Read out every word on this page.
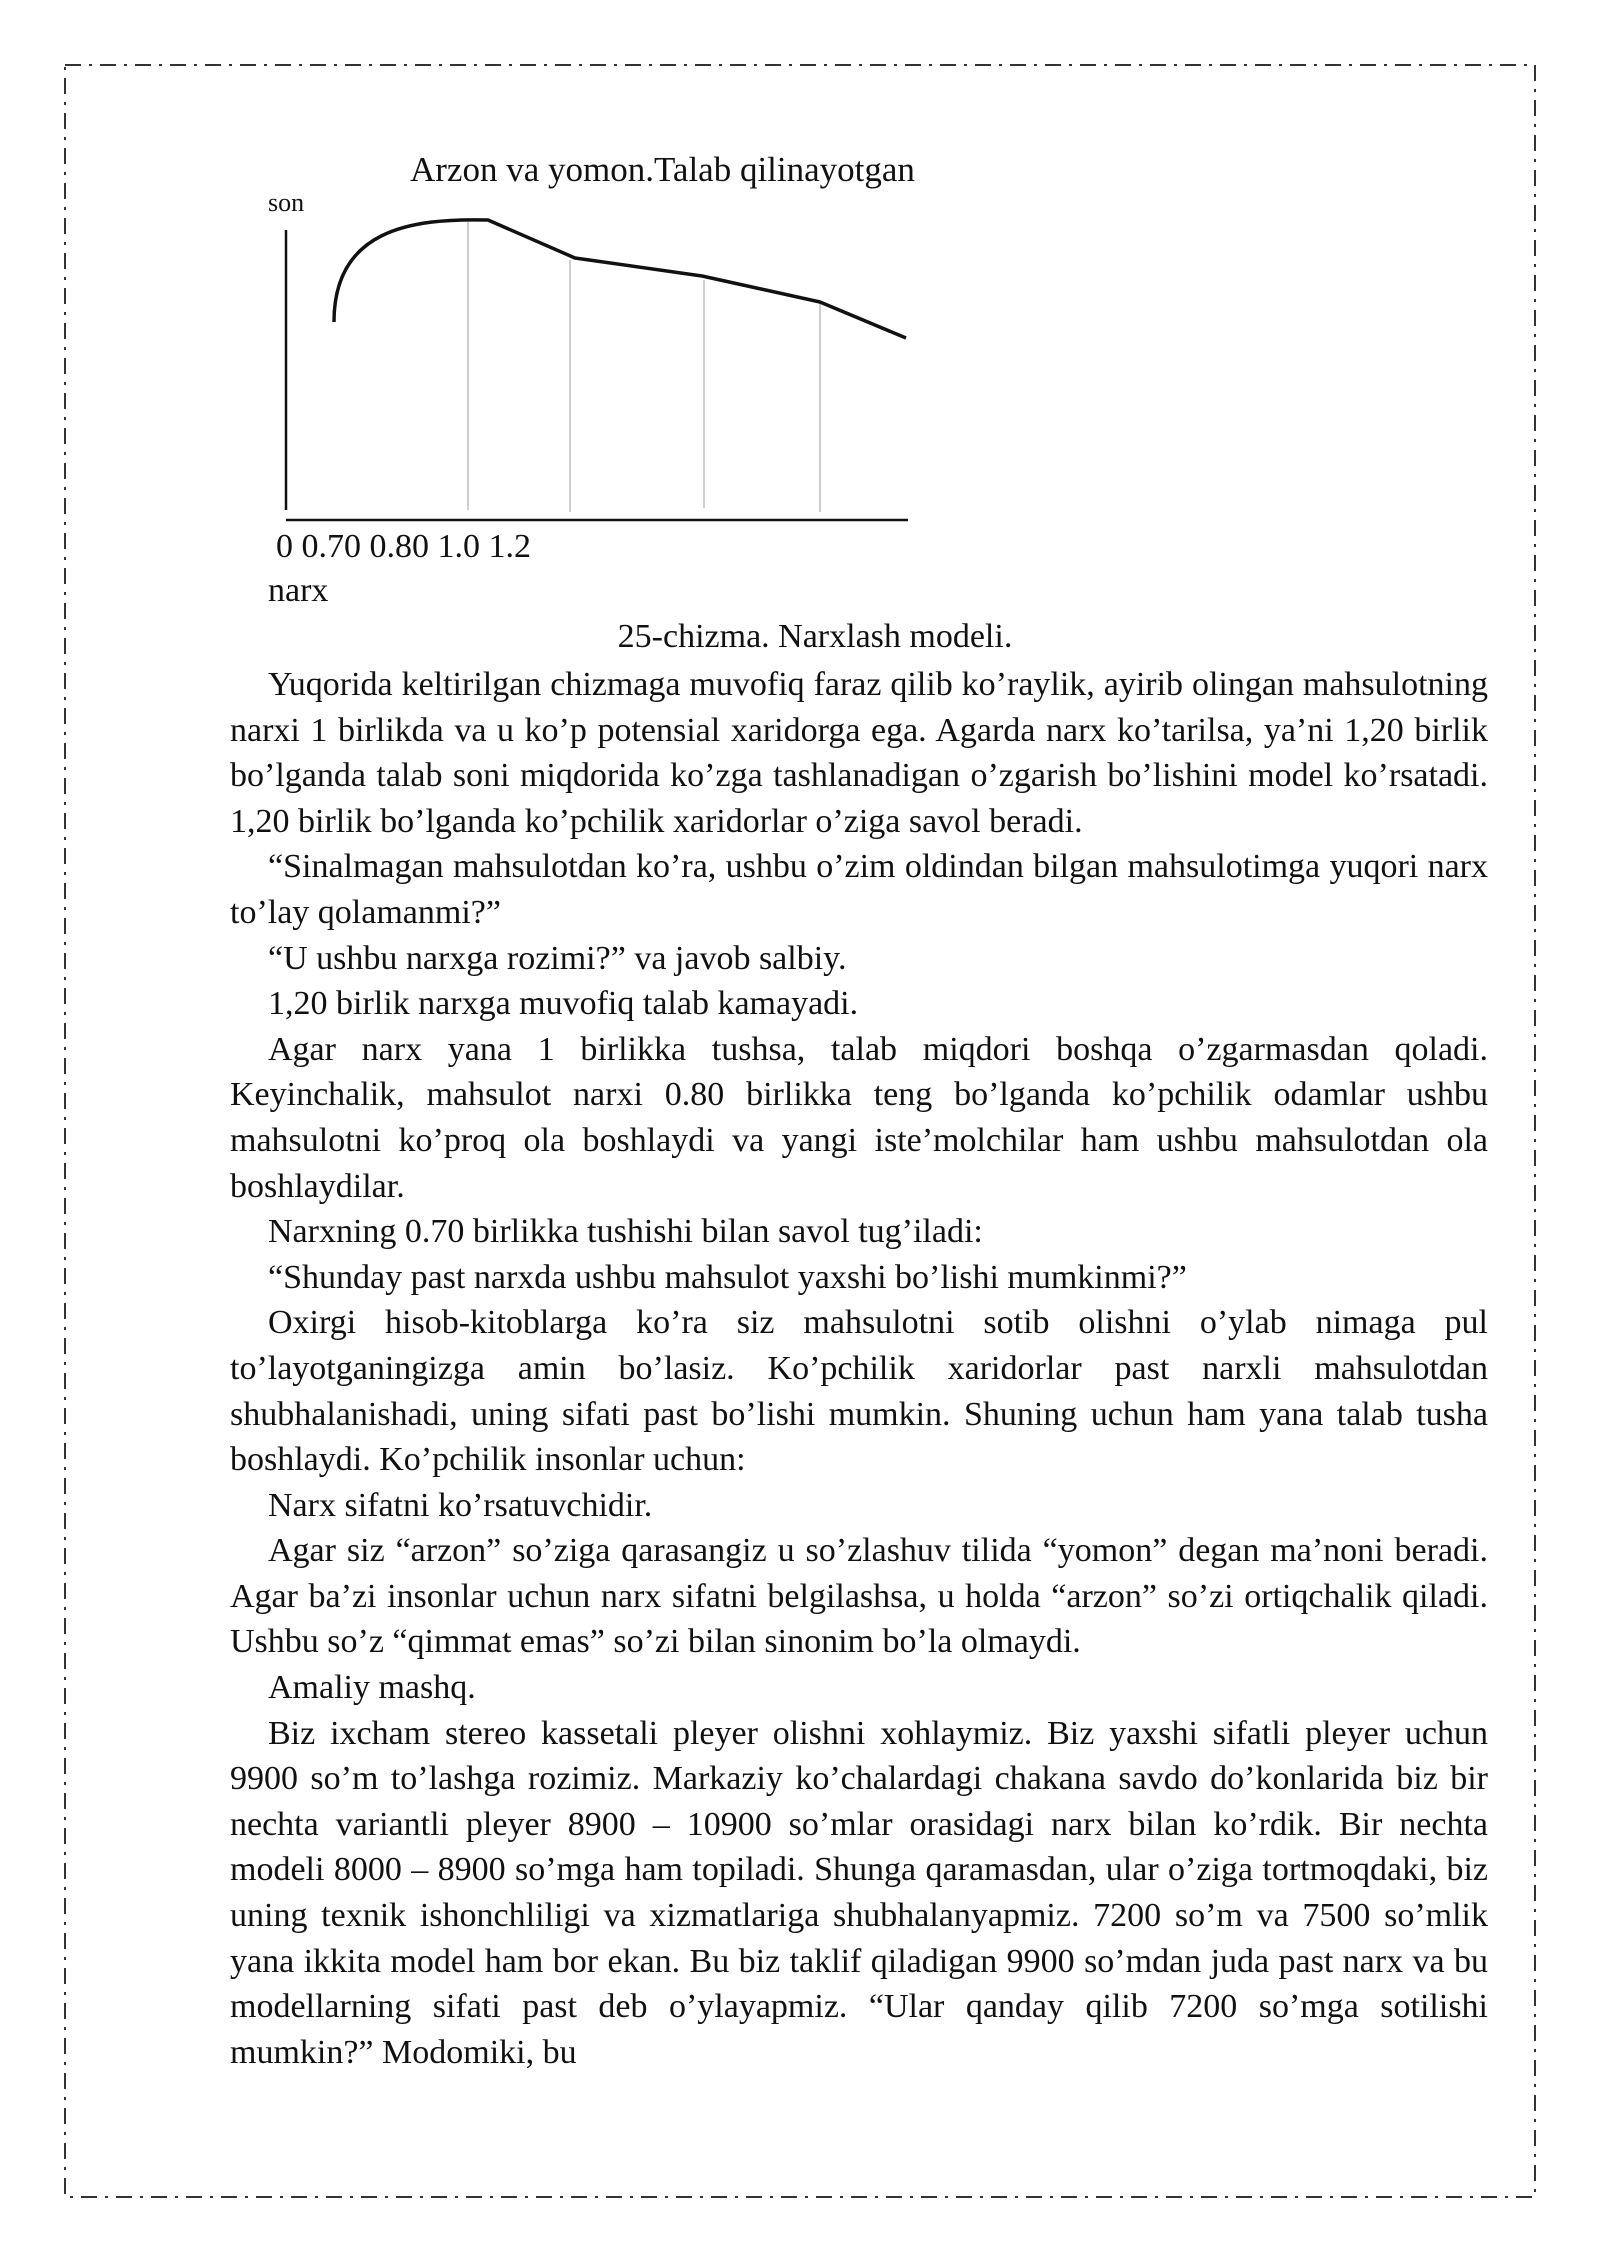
Arzon va yomon.Talab qilinayotgan
son
0 0.70 0.80 1.0 1.2
narx
25-chizma. Narxlash modeli.

Yuqorida keltirilgan chizmaga muvofiq faraz qilib ko’raylik, ayirib olingan mahsulotning narxi 1 birlikda va u ko’p potensial xaridorga ega. Agarda narx ko’tarilsa, ya’ni 1,20 birlik bo’lganda talab soni miqdorida ko’zga tashlanadigan o’zgarish bo’lishini model ko’rsatadi. 1,20 birlik bo’lganda ko’pchilik xaridorlar o’ziga savol beradi.

“Sinalmagan mahsulotdan ko’ra, ushbu o’zim oldindan bilgan mahsulotimga yuqori narx to’lay qolamanmi?”

“U ushbu narxga rozimi?” va javob salbiy.

1,20 birlik narxga muvofiq talab kamayadi.

Agar narx yana 1 birlikka tushsa, talab miqdori boshqa o’zgarmasdan qoladi. Keyinchalik, mahsulot narxi 0.80 birlikka teng bo’lganda ko’pchilik odamlar ushbu mahsulotni ko’proq ola boshlaydi va yangi iste’molchilar ham ushbu mahsulotdan ola boshlaydilar.

Narxning 0.70 birlikka tushishi bilan savol tug’iladi:

“Shunday past narxda ushbu mahsulot yaxshi bo’lishi mumkinmi?”

Oxirgi hisob-kitoblarga ko’ra siz mahsulotni sotib olishni o’ylab nimaga pul to’layotganingizga amin bo’lasiz. Ko’pchilik xaridorlar past narxli mahsulotdan shubhalanishadi, uning sifati past bo’lishi mumkin. Shuning uchun ham yana talab tusha boshlaydi. Ko’pchilik insonlar uchun:

Narx sifatni ko’rsatuvchidir.

Agar siz “arzon” so’ziga qarasangiz u so’zlashuv tilida “yomon” degan ma’noni beradi. Agar ba’zi insonlar uchun narx sifatni belgilashsa, u holda “arzon” so’zi ortiqchalik qiladi. Ushbu so’z “qimmat emas” so’zi bilan sinonim bo’la olmaydi.

Amaliy mashq.

Biz ixcham stereo kassetali pleyer olishni xohlaymiz. Biz yaxshi sifatli pleyer uchun 9900 so’m to’lashga rozimiz. Markaziy ko’chalardagi chakana savdo do’konlarida biz bir nechta variantli pleyer 8900 – 10900 so’mlar orasidagi narx bilan ko’rdik. Bir nechta modeli 8000 – 8900 so’mga ham topiladi. Shunga qaramasdan, ular o’ziga tortmoqdaki, biz uning texnik ishonchliligi va xizmatlariga shubhalanyapmiz. 7200 so’m va 7500 so’mlik yana ikkita model ham bor ekan. Bu biz taklif qiladigan 9900 so’mdan juda past narx va bu modellarning sifati past deb o’ylayapmiz. “Ular qanday qilib 7200 so’mga sotilishi mumkin?” Modomiki, bu
